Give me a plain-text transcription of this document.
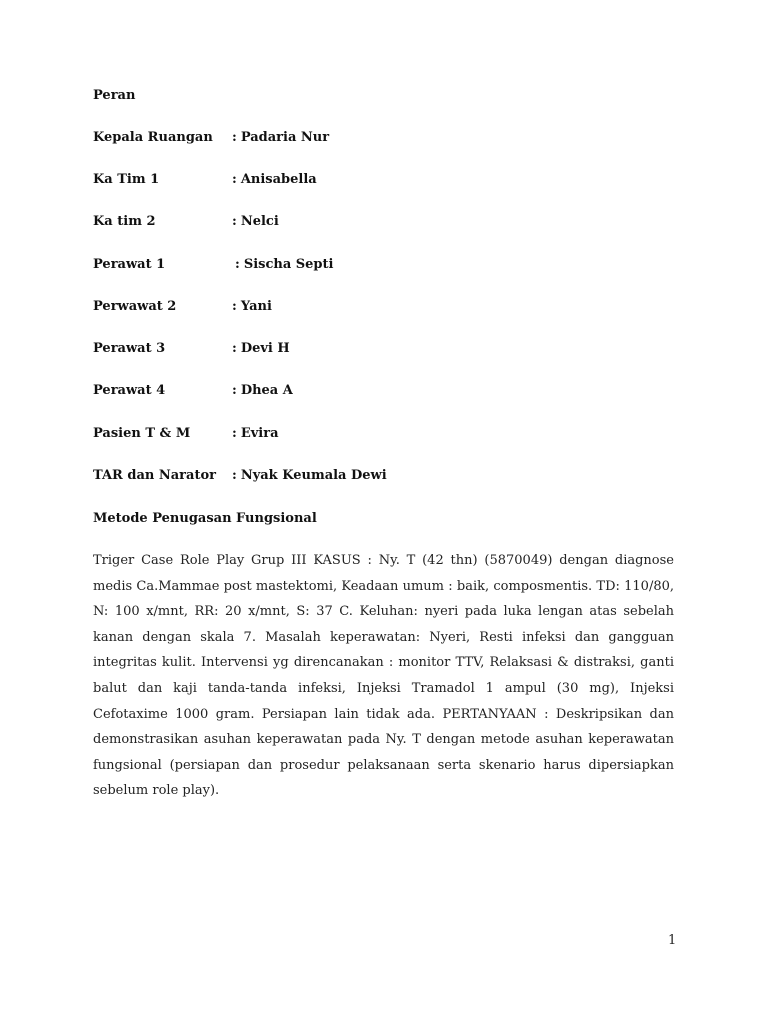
Peran
Kepala Ruangan	: Padaria Nur
Ka Tim 1	: Anisabella
Ka tim 2	: Nelci
Perawat 1	: Sischa Septi
Perwawat 2	: Yani
Perawat 3	: Devi H
Perawat 4	: Dhea A
Pasien T & M	: Evira
TAR dan Narator	: Nyak Keumala Dewi
Metode Penugasan Fungsional
Triger Case Role Play Grup III KASUS : Ny. T (42 thn) (5870049) dengan diagnose medis Ca.Mammae post mastektomi, Keadaan umum : baik, composmentis. TD: 110/80, N: 100 x/mnt, RR: 20 x/mnt, S: 37 C. Keluhan: nyeri pada luka lengan atas sebelah kanan dengan skala 7. Masalah keperawatan: Nyeri, Resti infeksi dan gangguan integritas kulit. Intervensi yg direncanakan : monitor TTV, Relaksasi & distraksi, ganti balut dan kaji tanda-tanda infeksi, Injeksi Tramadol 1 ampul (30 mg), Injeksi Cefotaxime 1000 gram. Persiapan lain tidak ada. PERTANYAAN : Deskripsikan dan demonstrasikan asuhan keperawatan pada Ny. T dengan metode asuhan keperawatan fungsional (persiapan dan prosedur pelaksanaan serta skenario harus dipersiapkan sebelum role play).
1
